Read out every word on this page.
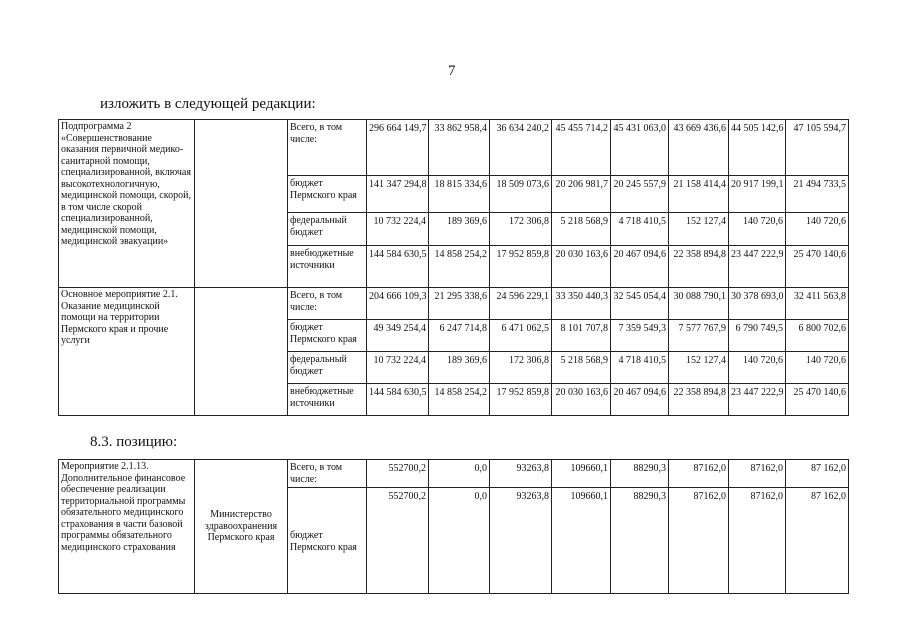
7
изложить в следующей редакции:
Подпрограмма 2 «Совершенствование оказания первичной медико-санитарной помощи, специализированной, включая высокотехнологичную, медицинской помощи, скорой, в том числе скорой специализированной, медицинской помощи, медицинской эвакуации»		Всего, в том числе:	296 664 149,7	33 862 958,4	36 634 240,2	45 455 714,2	45 431 063,0	43 669 436,6	44 505 142,6	47 105 594,7
		бюджет Пермского края	141 347 294,8	18 815 334,6	18 509 073,6	20 206 981,7	20 245 557,9	21 158 414,4	20 917 199,1	21 494 733,5
		федеральный бюджет	10 732 224,4	189 369,6	172 306,8	5 218 568,9	4 718 410,5	152 127,4	140 720,6	140 720,6
		внебюджетные источники	144 584 630,5	14 858 254,2	17 952 859,8	20 030 163,6	20 467 094,6	22 358 894,8	23 447 222,9	25 470 140,6
Основное мероприятие 2.1. Оказание медицинской помощи на территории Пермского края и прочие услуги		Всего, в том числе:	204 666 109,3	21 295 338,6	24 596 229,1	33 350 440,3	32 545 054,4	30 088 790,1	30 378 693,0	32 411 563,8
		бюджет Пермского края	49 349 254,4	6 247 714,8	6 471 062,5	8 101 707,8	7 359 549,3	7 577 767,9	6 790 749,5	6 800 702,6
		федеральный бюджет	10 732 224,4	189 369,6	172 306,8	5 218 568,9	4 718 410,5	152 127,4	140 720,6	140 720,6
		внебюджетные источники	144 584 630,5	14 858 254,2	17 952 859,8	20 030 163,6	20 467 094,6	22 358 894,8	23 447 222,9	25 470 140,6
8.3. позицию:
Мероприятие 2.1.13. Дополнительное финансовое обеспечение реализации территориальной программы обязательного медицинского страхования в части базовой программы обязательного медицинского страхования	Министерство здравоохранения Пермского края	Всего, в том числе:	552700,2	0,0	93263,8	109660,1	88290,3	87162,0	87162,0	87 162,0
		бюджет Пермского края	552700,2	0,0	93263,8	109660,1	88290,3	87162,0	87162,0	87 162,0
